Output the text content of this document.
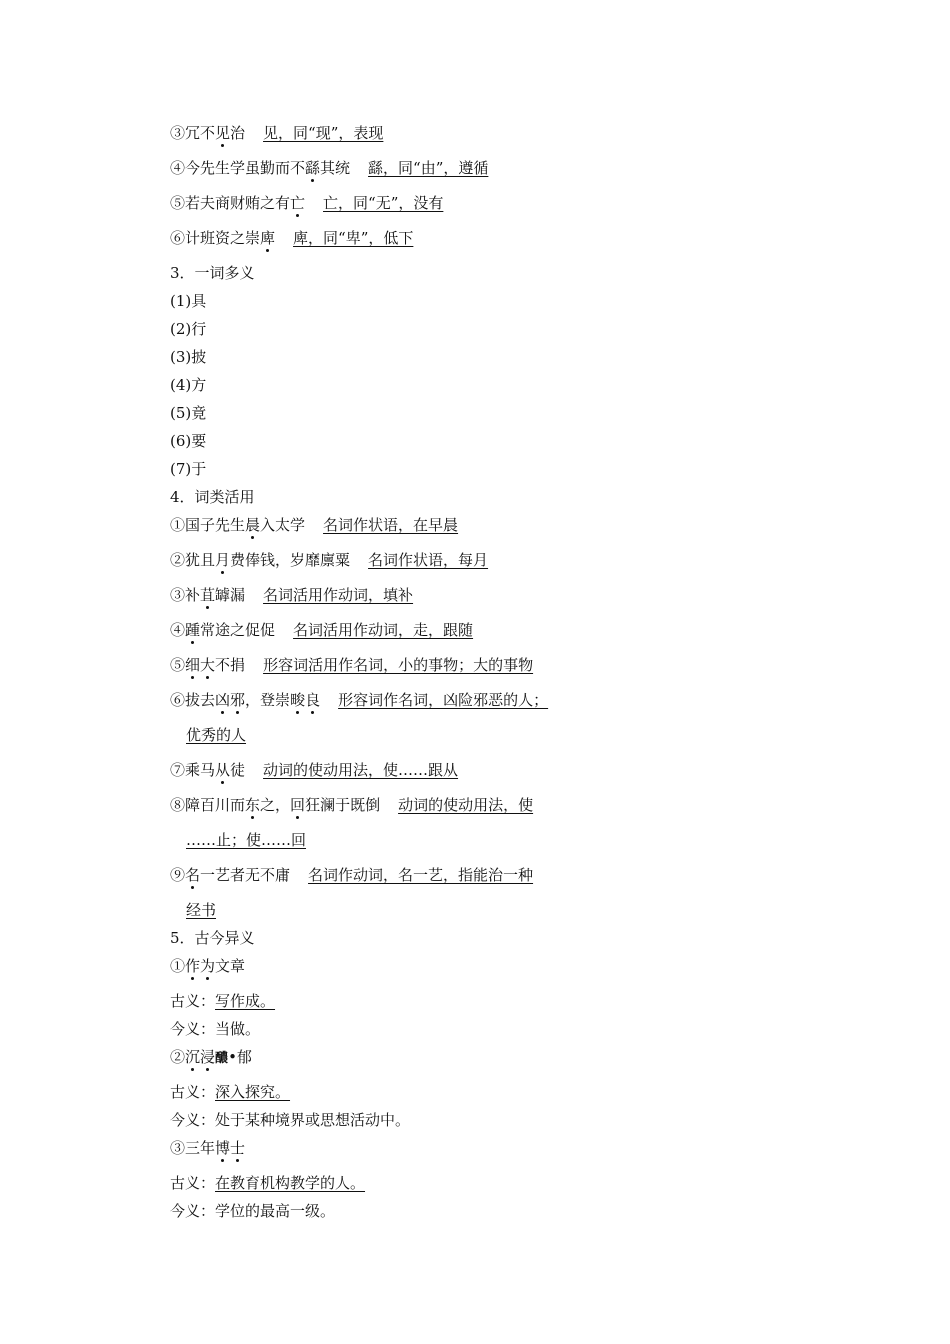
③冗不见治 见，同“现”，表现
④今先生学虽勤而不繇其统 繇，同“由”，遵循
⑤若夫商财贿之有亡 亡，同“无”，没有
⑥计班资之崇庳 庳，同“卑”，低下
3．一词多义
(1)具
(2)行
(3)披
(4)方
(5)竟
(6)要
(7)于
4．词类活用
①国子先生晨入太学 名词作状语，在早晨
②犹且月费俸钱，岁靡廪粟 名词作状语，每月
③补苴罅漏 名词活用作动词，填补
④踵常途之促促 名词活用作动词，走，跟随
⑤细大不捐 形容词活用作名词，小的事物；大的事物
⑥拔去凶邪，登崇畯良 形容词作名词，凶险邪恶的人；
优秀的人
⑦乘马从徒 动词的使动用法，使……跟从
⑧障百川而东之，回狂澜于既倒 动词的使动用法，使
……止；使……回
⑨名一艺者无不庸 名词作动词，名一艺，指能治一种
经书
5．古今异义
①作为文章
古义：写作成。
今义：当做。
②沉浸醲•郁
古义：深入探究。
今义：处于某种境界或思想活动中。
③三年博士
古义：在教育机构教学的人。
今义：学位的最高一级。
